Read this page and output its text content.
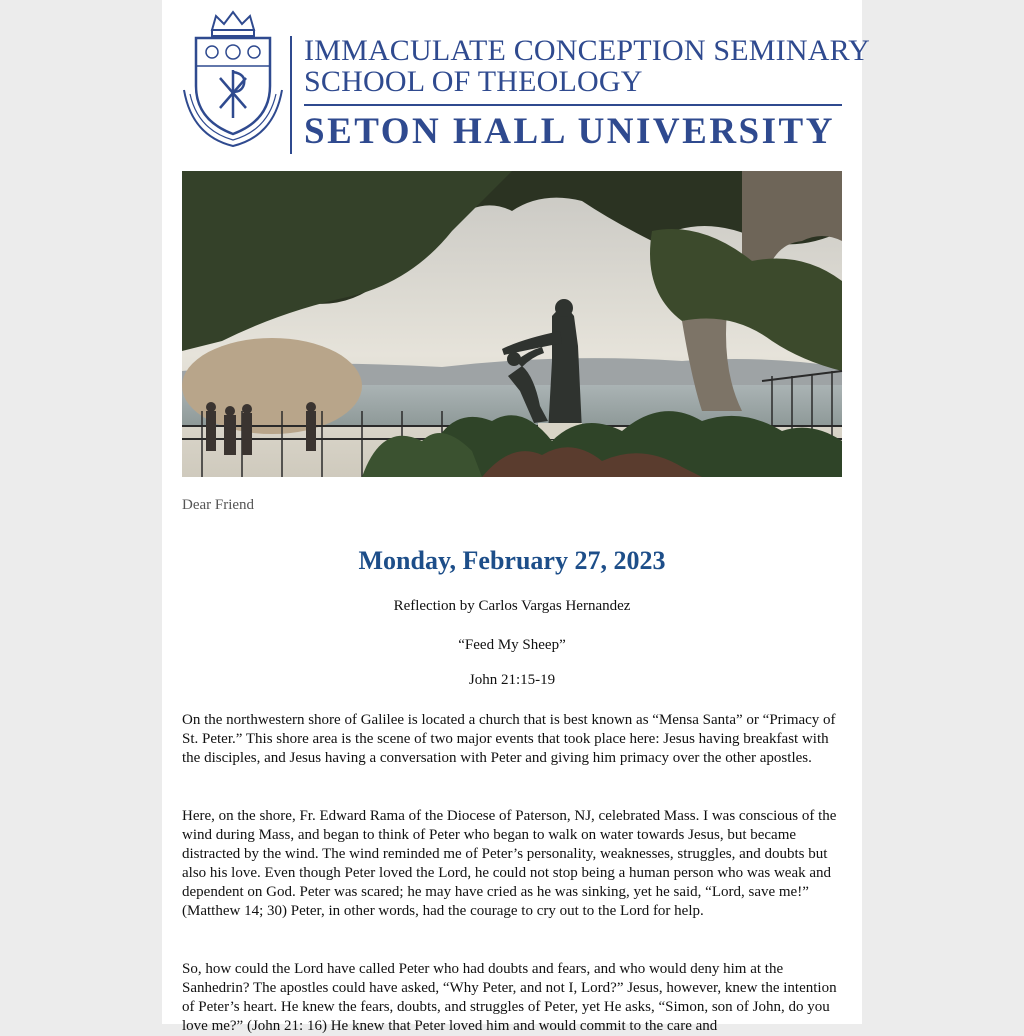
IMMACULATE CONCEPTION SEMINARY
SCHOOL OF THEOLOGY
SETON HALL UNIVERSITY
Dear Friend
Monday, February 27, 2023
Reflection by Carlos Vargas Hernandez
“Feed My Sheep”
John 21:15-19

On the northwestern shore of Galilee is located a church that is best known as “Mensa Santa” or “Primacy of St. Peter.” This shore area is the scene of two major events that took place here: Jesus having breakfast with the disciples, and Jesus having a conversation with Peter and giving him primacy over the other apostles.

Here, on the shore, Fr. Edward Rama of the Diocese of Paterson, NJ, celebrated Mass. I was conscious of the wind during Mass, and began to think of Peter who began to walk on water towards Jesus, but became distracted by the wind. The wind reminded me of Peter’s personality, weaknesses, struggles, and doubts but also his love. Even though Peter loved the Lord, he could not stop being a human person who was weak and dependent on God. Peter was scared; he may have cried as he was sinking, yet he said, “Lord, save me!” (Matthew 14; 30) Peter, in other words, had the courage to cry out to the Lord for help.

So, how could the Lord have called Peter who had doubts and fears, and who would deny him at the Sanhedrin? The apostles could have asked, “Why Peter, and not I, Lord?” Jesus, however, knew the intention of Peter’s heart. He knew the fears, doubts, and struggles of Peter, yet He asks, “Simon, son of John, do you love me?” (John 21: 16) He knew that Peter loved him and would commit to the care and
